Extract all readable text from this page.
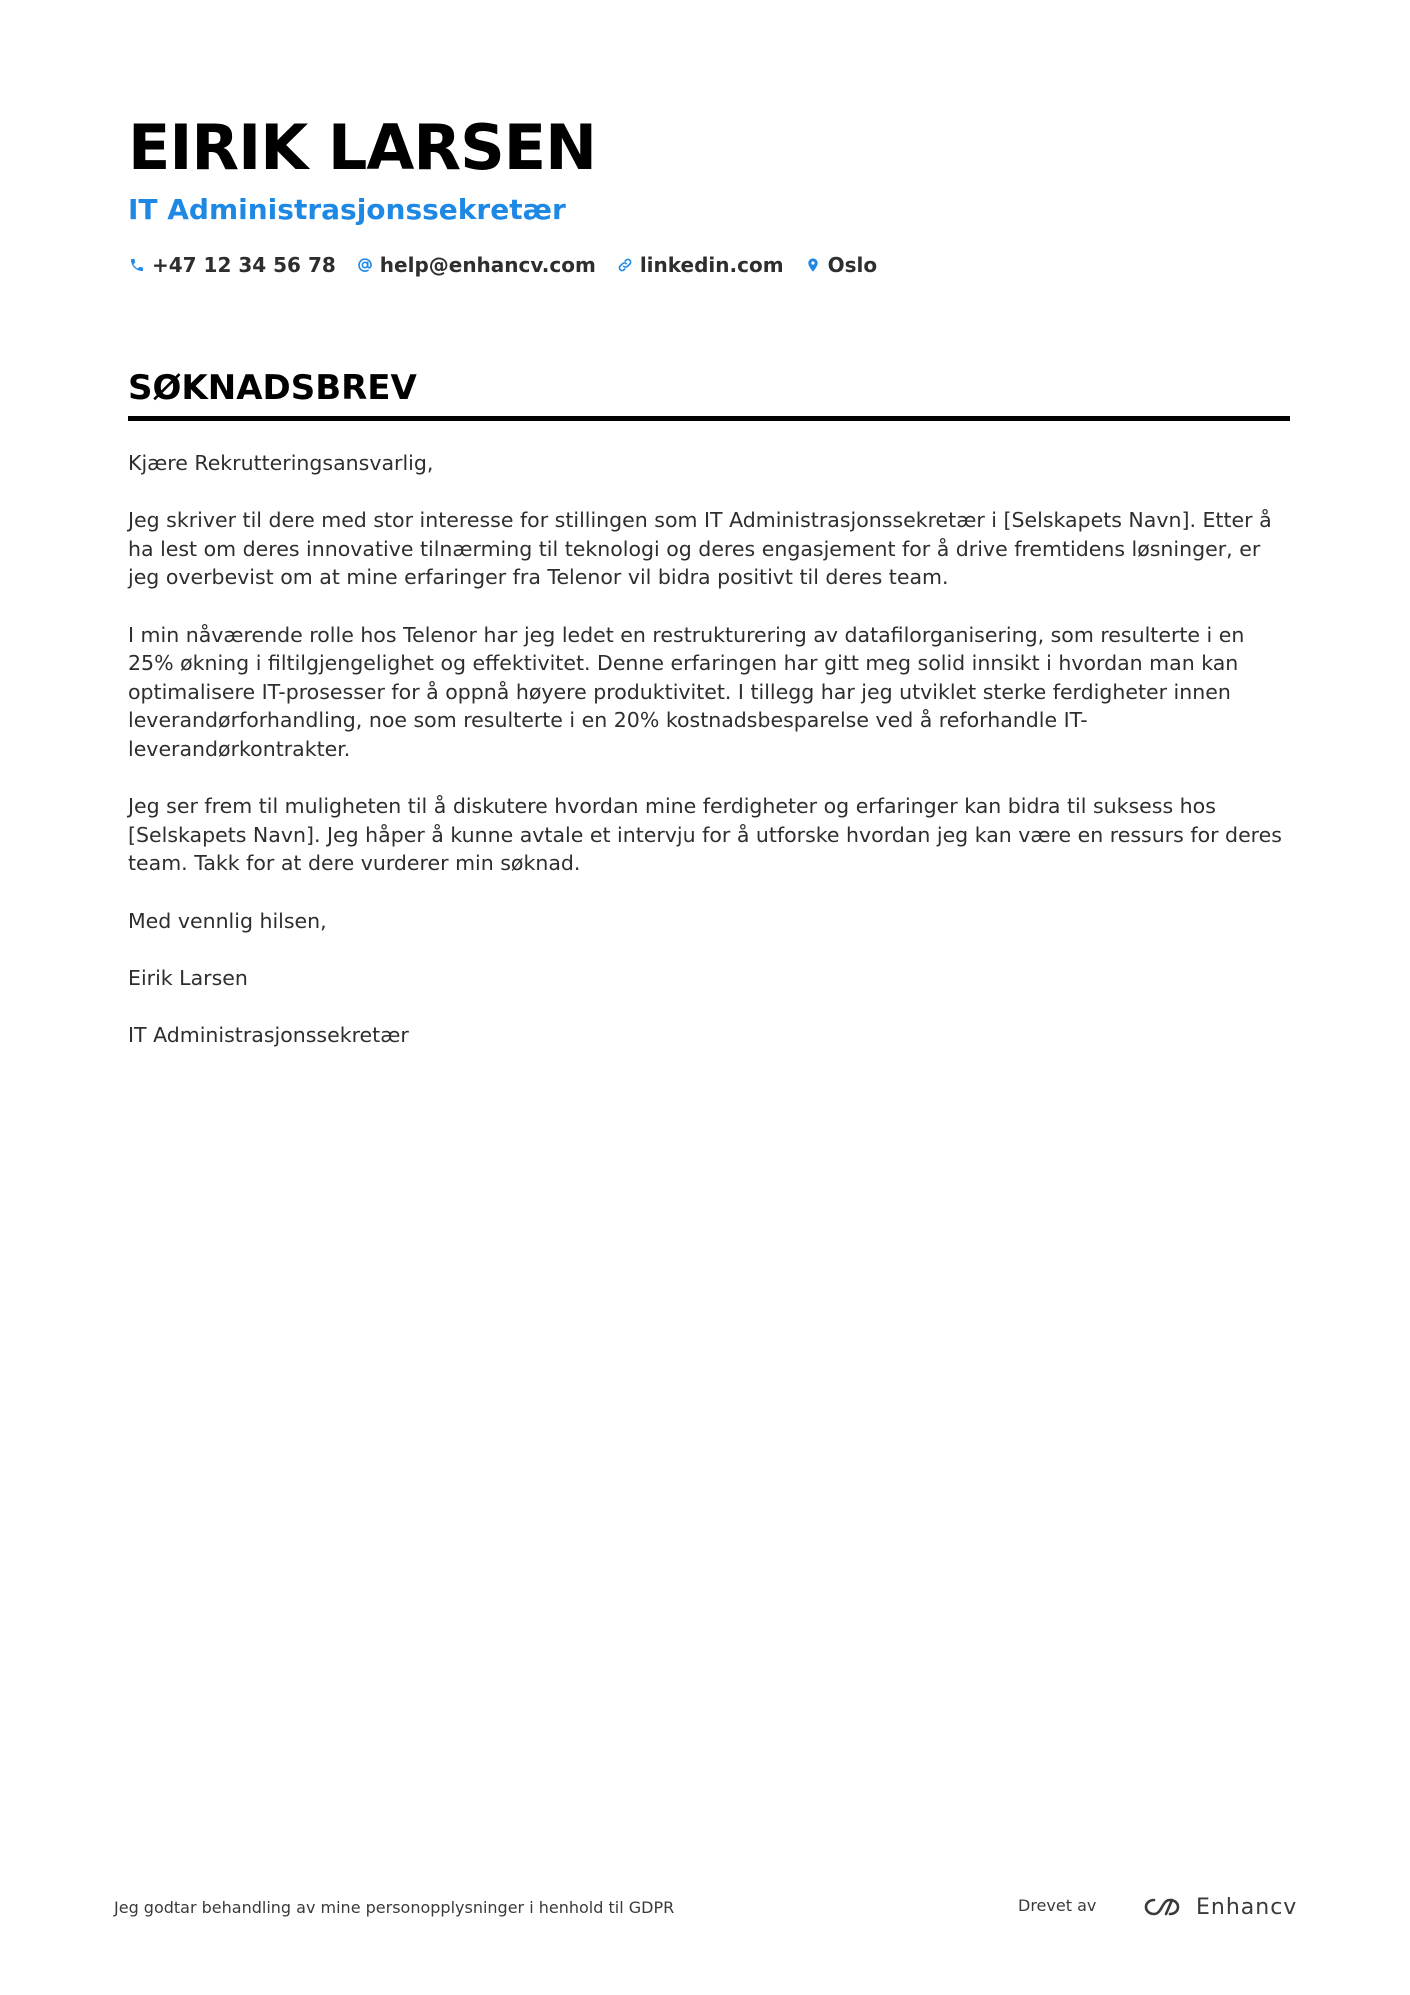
EIRIK LARSEN
IT Administrasjonssekretær
+47 12 34 56 78 help@enhancv.com linkedin.com Oslo
SØKNADSBREV

Kjære Rekrutteringsansvarlig,

Jeg skriver til dere med stor interesse for stillingen som IT Administrasjonssekretær i [Selskapets Navn]. Etter å ha lest om deres innovative tilnærming til teknologi og deres engasjement for å drive fremtidens løsninger, er jeg overbevist om at mine erfaringer fra Telenor vil bidra positivt til deres team.

I min nåværende rolle hos Telenor har jeg ledet en restrukturering av datafilorganisering, som resulterte i en 25% økning i filtilgjengelighet og effektivitet. Denne erfaringen har gitt meg solid innsikt i hvordan man kan optimalisere IT-prosesser for å oppnå høyere produktivitet. I tillegg har jeg utviklet sterke ferdigheter innen leverandørforhandling, noe som resulterte i en 20% kostnadsbesparelse ved å reforhandle IT-leverandørkontrakter.

Jeg ser frem til muligheten til å diskutere hvordan mine ferdigheter og erfaringer kan bidra til suksess hos [Selskapets Navn]. Jeg håper å kunne avtale et intervju for å utforske hvordan jeg kan være en ressurs for deres team. Takk for at dere vurderer min søknad.

Med vennlig hilsen,

Eirik Larsen

IT Administrasjonssekretær

Jeg godtar behandling av mine personopplysninger i henhold til GDPR	Drevet av	Enhancv
